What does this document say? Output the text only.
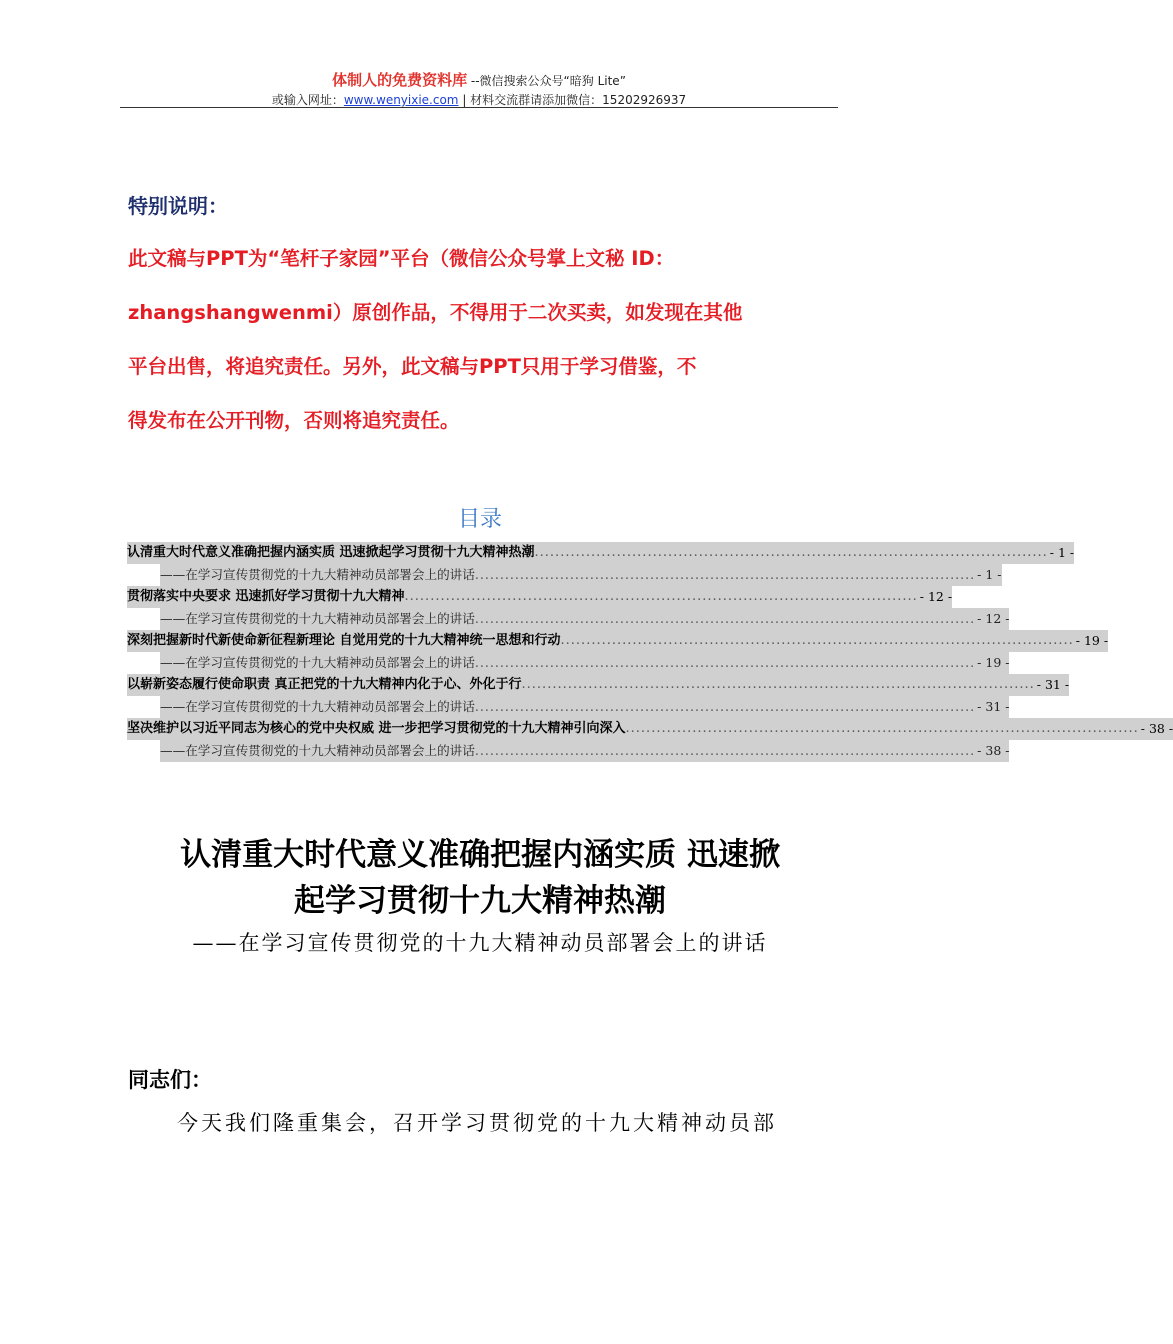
体制人的免费资料库 --微信搜索公众号“暗狗 Lite”
或输入网址：www.wenyixie.com | 材料交流群请添加微信：15202926937
特别说明：
此文稿与PPT为“笔杆子家园”平台（微信公众号掌上文秘 ID：
zhangshangwenmi）原创作品，不得用于二次买卖，如发现在其他
平台出售，将追究责任。另外，此文稿与PPT只用于学习借鉴，不
得发布在公开刊物，否则将追究责任。
目录
认清重大时代意义准确把握内涵实质 迅速掀起学习贯彻十九大精神热潮 .................................................................................................... - 1 -
——在学习宣传贯彻党的十九大精神动员部署会上的讲话 .................................................................................................... - 1 -
贯彻落实中央要求 迅速抓好学习贯彻十九大精神 .................................................................................................... - 12 -
——在学习宣传贯彻党的十九大精神动员部署会上的讲话 .................................................................................................... - 12 -
深刻把握新时代新使命新征程新理论 自觉用党的十九大精神统一思想和行动 .................................................................................................... - 19 -
——在学习宣传贯彻党的十九大精神动员部署会上的讲话 .................................................................................................... - 19 -
以崭新姿态履行使命职责 真正把党的十九大精神内化于心、外化于行 .................................................................................................... - 31 -
——在学习宣传贯彻党的十九大精神动员部署会上的讲话 .................................................................................................... - 31 -
坚决维护以习近平同志为核心的党中央权威 进一步把学习贯彻党的十九大精神引向深入 .................................................................................................... - 38 -
——在学习宣传贯彻党的十九大精神动员部署会上的讲话 .................................................................................................... - 38 -
认清重大时代意义准确把握内涵实质 迅速掀
起学习贯彻十九大精神热潮
——在学习宣传贯彻党的十九大精神动员部署会上的讲话
同志们：
今天我们隆重集会，召开学习贯彻党的十九大精神动员部
